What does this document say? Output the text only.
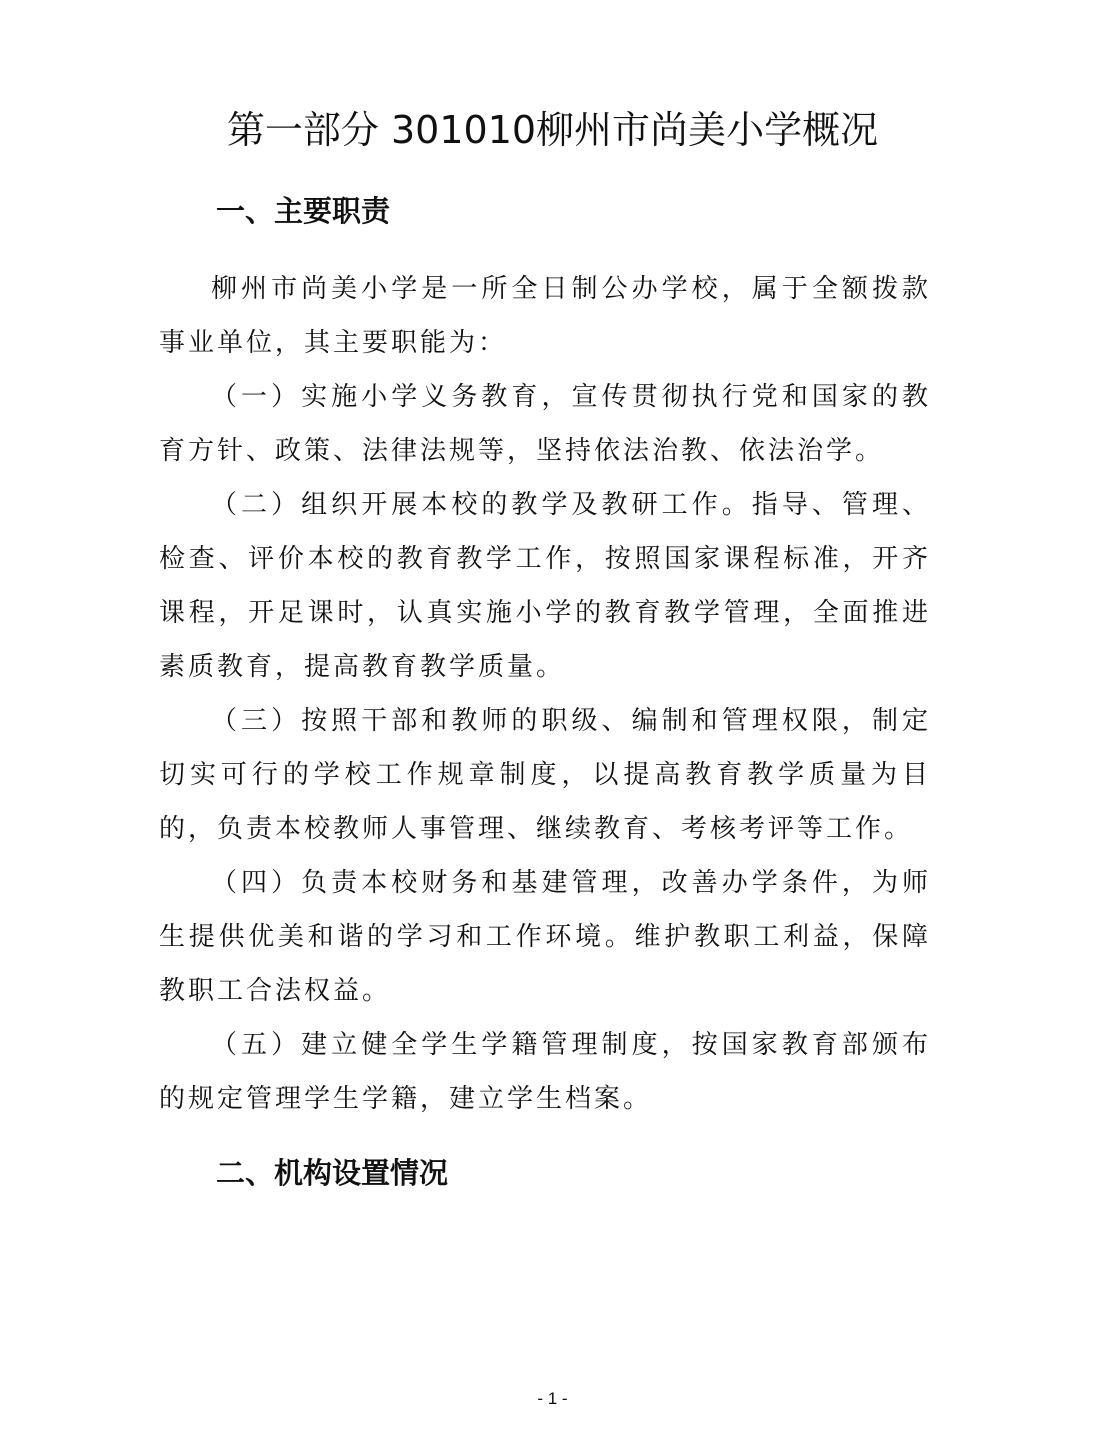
第一部分 301010柳州市尚美小学概况
一、主要职责

柳州市尚美小学是一所全日制公办学校，属于全额拨款事业单位，其主要职能为：

（一）实施小学义务教育，宣传贯彻执行党和国家的教育方针、政策、法律法规等，坚持依法治教、依法治学。

（二）组织开展本校的教学及教研工作。指导、管理、检查、评价本校的教育教学工作，按照国家课程标准，开齐课程，开足课时，认真实施小学的教育教学管理，全面推进素质教育，提高教育教学质量。

（三）按照干部和教师的职级、编制和管理权限，制定切实可行的学校工作规章制度，以提高教育教学质量为目的，负责本校教师人事管理、继续教育、考核考评等工作。

（四）负责本校财务和基建管理，改善办学条件，为师生提供优美和谐的学习和工作环境。维护教职工利益，保障教职工合法权益。

（五）建立健全学生学籍管理制度，按国家教育部颁布的规定管理学生学籍，建立学生档案。

二、机构设置情况
- 1 -
